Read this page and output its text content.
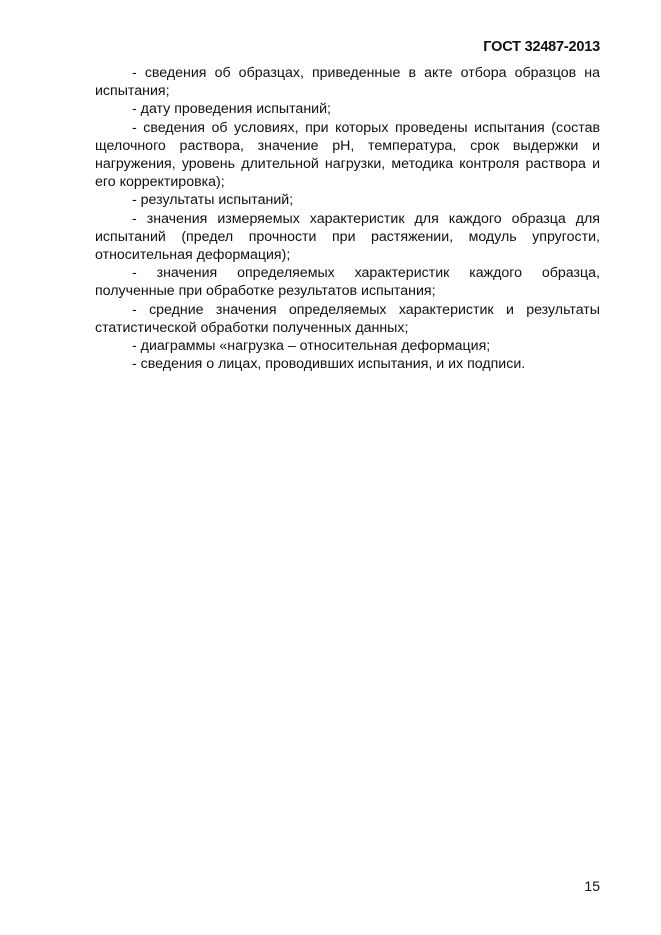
ГОСТ 32487-2013

- сведения об образцах, приведенные в акте отбора образцов на испытания;

- дату проведения испытаний;

- сведения об условиях, при которых проведены испытания (состав щелочного раствора, значение pH, температура, срок выдержки и нагружения, уровень длительной нагрузки, методика контроля раствора и его корректировка);

- результаты испытаний;

- значения измеряемых характеристик для каждого образца для испытаний (предел прочности при растяжении, модуль упругости, относительная деформация);

- значения определяемых характеристик каждого образца, полученные при обработке результатов испытания;

- средние значения определяемых характеристик и результаты статистической обработки полученных данных;

- диаграммы «нагрузка – относительная деформация;

- сведения о лицах, проводивших испытания, и их подписи.

15
